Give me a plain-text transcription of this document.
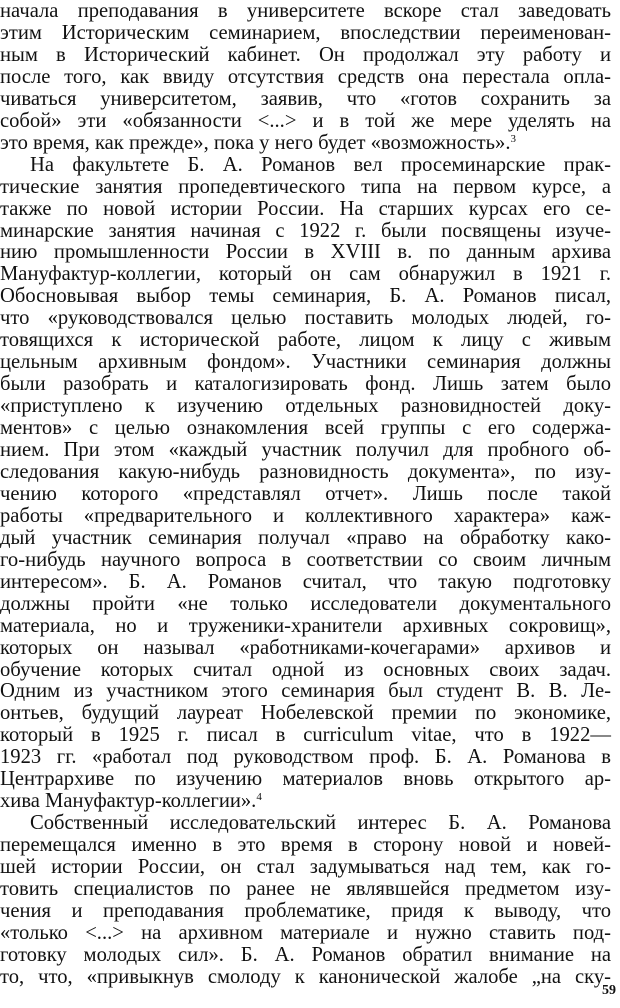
начала преподавания в университете вскоре стал заведовать
этим Историческим семинарием, впоследствии переименован-
ным в Исторический кабинет. Он продолжал эту работу и
после того, как ввиду отсутствия средств она перестала опла-
чиваться университетом, заявив, что «готов сохранить за
собой» эти «обязанности <...> и в той же мере уделять на
это время, как прежде», пока у него будет «возможность».$^3$
На факультете Б. А. Романов вел просеминарские прак-
тические занятия пропедевтического типа на первом курсе, а
также по новой истории России. На старших курсах его се-
минарские занятия начиная с 1922 г. были посвящены изуче-
нию промышленности России в XVIII в. по данным архива
Мануфактур-коллегии, который он сам обнаружил в 1921 г.
Обосновывая выбор темы семинария, Б. А. Романов писал,
что «руководствовался целью поставить молодых людей, го-
товящихся к исторической работе, лицом к лицу с живым
цельным архивным фондом». Участники семинария должны
были разобрать и каталогизировать фонд. Лишь затем было
«приступлено к изучению отдельных разновидностей доку-
ментов» с целью ознакомления всей группы с его содержа-
нием. При этом «каждый участник получил для пробного об-
следования какую-нибудь разновидность документа», по изу-
чению которого «представлял отчет». Лишь после такой
работы «предварительного и коллективного характера» каж-
дый участник семинария получал «право на обработку како-
го-нибудь научного вопроса в соответствии со своим личным
интересом». Б. А. Романов считал, что такую подготовку
должны пройти «не только исследователи документального
материала, но и труженики-хранители архивных сокровищ»,
которых он называл «работниками-кочегарами» архивов и
обучение которых считал одной из основных своих задач.
Одним из участником этого семинария был студент В. В. Ле-
онтьев, будущий лауреат Нобелевской премии по экономике,
который в 1925 г. писал в curriculum vitae, что в 1922—
1923 гг. «работал под руководством проф. Б. А. Романова в
Центрархиве по изучению материалов вновь открытого ар-
хива Мануфактур-коллегии».$^4$
Собственный исследовательский интерес Б. А. Романова
перемещался именно в это время в сторону новой и новей-
шей истории России, он стал задумываться над тем, как го-
товить специалистов по ранее не являвшейся предметом изу-
чения и преподавания проблематике, придя к выводу, что
«только <...> на архивном материале и нужно ставить под-
готовку молодых сил». Б. А. Романов обратил внимание на
то, что, «привыкнув смолоду к канонической жалобе „на ску-
59
